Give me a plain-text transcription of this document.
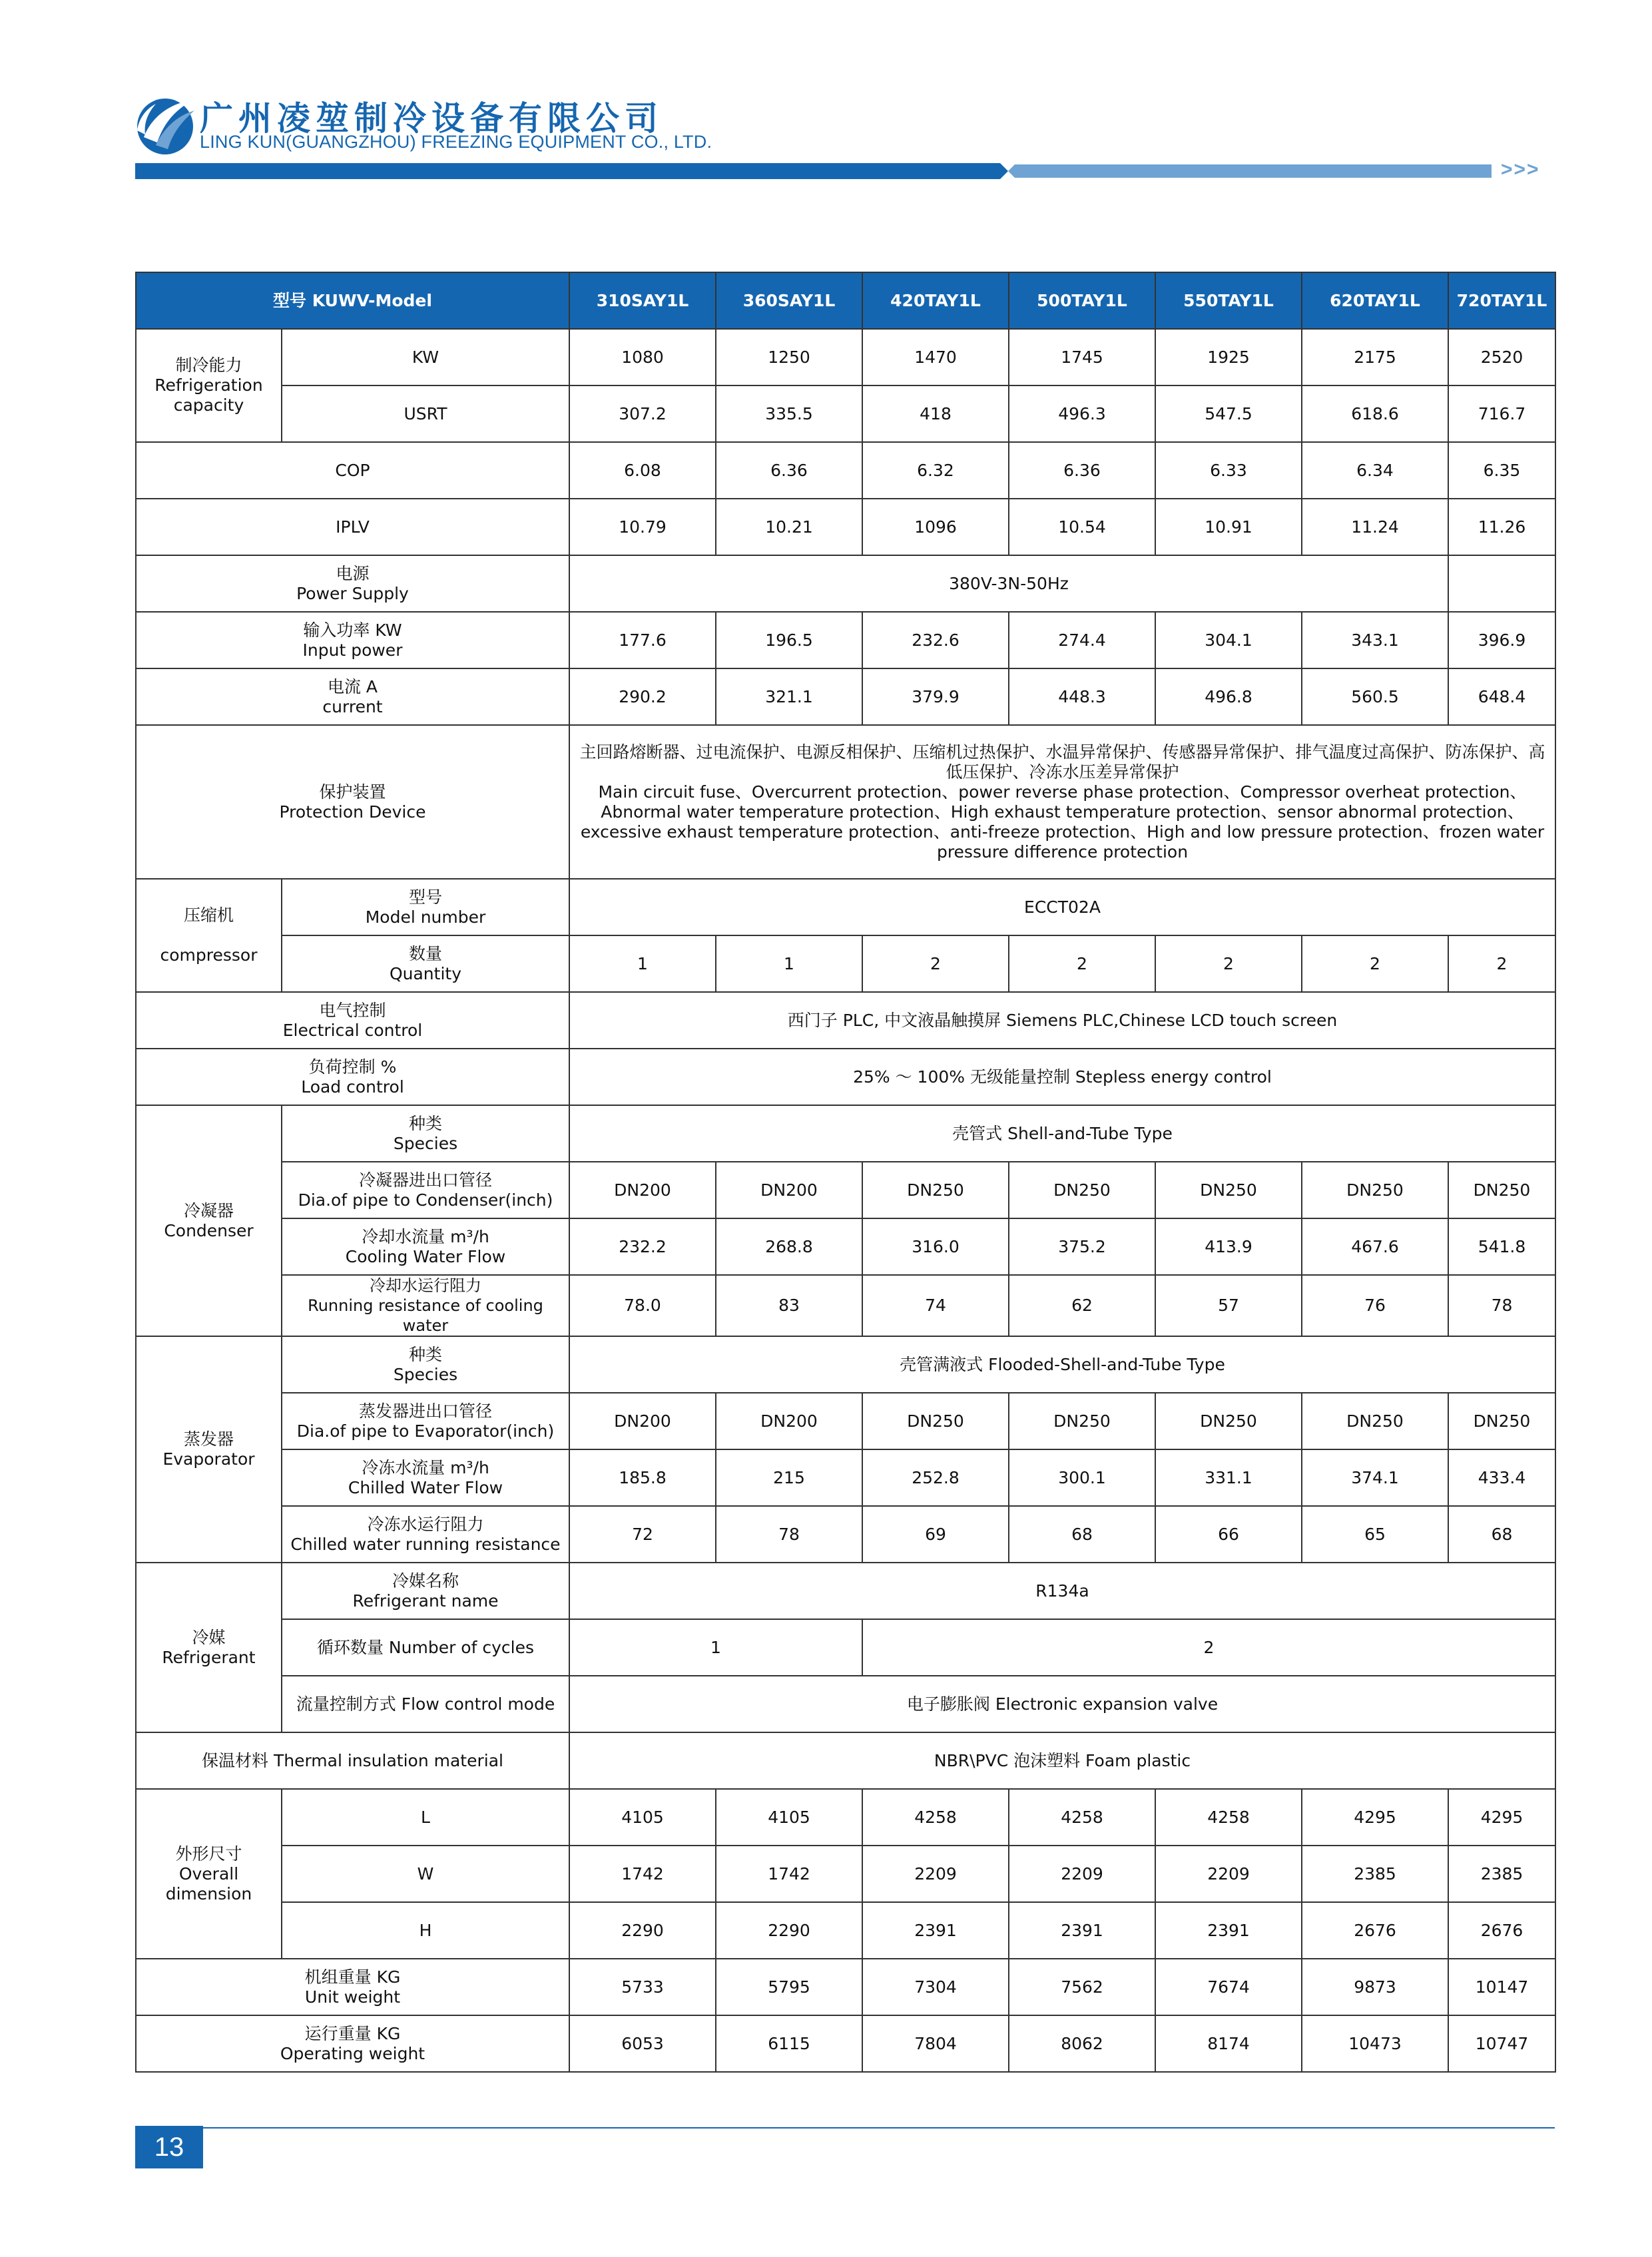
广州凌堃制冷设备有限公司
LING KUN(GUANGZHOU) FREEZING EQUIPMENT CO., LTD.
>>>
型号 KUWV-Model		310SAY1L	360SAY1L	420TAY1L	500TAY1L	550TAY1L	620TAY1L	720TAY1L

制冷能力
Refrigeration capacity	KW	1080	1250	1470	1745	1925	2175	2520
	USRT	307.2	335.5	418	496.3	547.5	618.6	716.7
COP		6.08	6.36	6.32	6.36	6.33	6.34	6.35
IPLV		10.79	10.21	1096	10.54	10.91	11.24	11.26

电源
Power Supply		380V-3N-50Hz						

输入功率 KW
Input power		177.6	196.5	232.6	274.4	304.1	343.1	396.9

电流 A
current		290.2	321.1	379.9	448.3	496.8	560.5	648.4

保护装置
Protection Device		主回路熔断器、过电流保护、电源反相保护、压缩机过热保护、水温异常保护、传感器异常保护、排气温度过高保护、防冻保护、高低压保护、冷冻水压差异常保护
Main circuit fuse、Overcurrent protection、power reverse phase protection、Compressor overheat protection、Abnormal water temperature protection、High exhaust temperature protection、sensor abnormal protection、excessive exhaust temperature protection、anti-freeze protection、High and low pressure protection、frozen water pressure difference protection						

压缩机
compressor	型号
Model number	ECCT02A						

	数量
Quantity	1	1	2	2	2	2	2

电气控制
Electrical control		西门子 PLC, 中文液晶触摸屏 Siemens PLC,Chinese LCD touch screen						

负荷控制 %
Load control		25% ～ 100% 无级能量控制 Stepless energy control						

冷凝器
Condenser	种类
Species	壳管式 Shell-and-Tube Type						

	冷凝器进出口管径
Dia.of pipe to Condenser(inch)	DN200	DN200	DN250	DN250	DN250	DN250	DN250

	冷却水流量 m³/h
Cooling Water Flow	232.2	268.8	316.0	375.2	413.9	467.6	541.8

	冷却水运行阻力
Running resistance of cooling water	78.0	83	74	62	57	76	78

蒸发器
Evaporator	种类
Species	壳管满液式 Flooded-Shell-and-Tube Type						

	蒸发器进出口管径
Dia.of pipe to Evaporator(inch)	DN200	DN200	DN250	DN250	DN250	DN250	DN250

	冷冻水流量 m³/h
Chilled Water Flow	185.8	215	252.8	300.1	331.1	374.1	433.4

	冷冻水运行阻力
Chilled water running resistance	72	78	69	68	66	65	68

冷媒
Refrigerant	冷媒名称
Refrigerant name	R134a						
	循环数量 Number of cycles	1		2				
	流量控制方式 Flow control mode	电子膨胀阀 Electronic expansion valve						
保温材料 Thermal insulation material		NBR\PVC 泡沫塑料 Foam plastic						

外形尺寸
Overall dimension	L	4105	4105	4258	4258	4258	4295	4295
	W	1742	1742	2209	2209	2209	2385	2385
	H	2290	2290	2391	2391	2391	2676	2676

机组重量 KG
Unit weight		5733	5795	7304	7562	7674	9873	10147

运行重量 KG
Operating weight		6053	6115	7804	8062	8174	10473	10747
13
